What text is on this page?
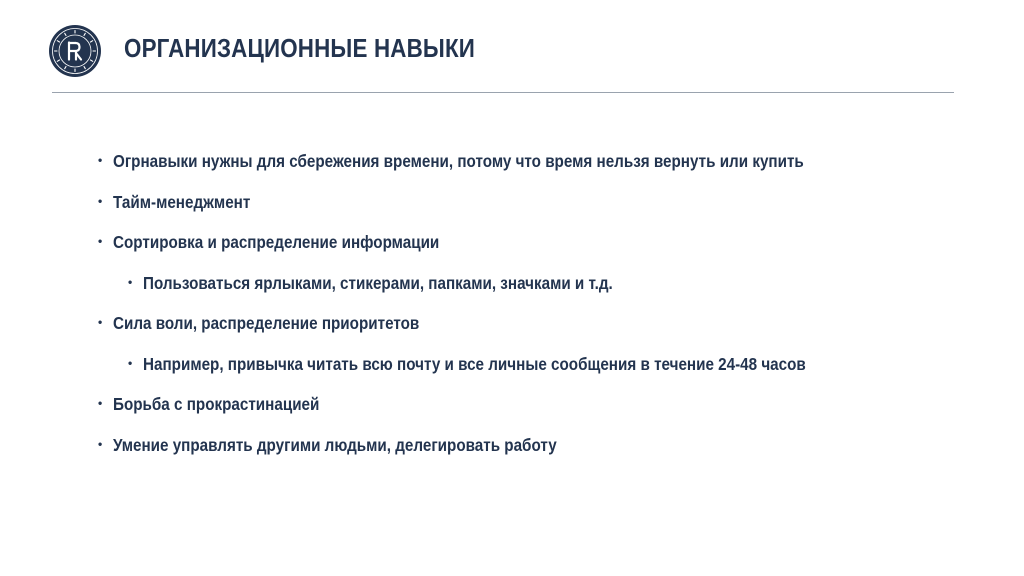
ОРГАНИЗАЦИОННЫЕ НАВЫКИ
• Огрнавыки нужны для сбережения времени, потому что время нельзя вернуть или купить
• Тайм-менеджмент
• Сортировка и распределение информации
• Пользоваться ярлыками, стикерами, папками, значками и т.д.
• Сила воли, распределение приоритетов
• Например, привычка читать всю почту и все личные сообщения в течение 24-48 часов
• Борьба с прокрастинацией
• Умение управлять другими людьми, делегировать работу
